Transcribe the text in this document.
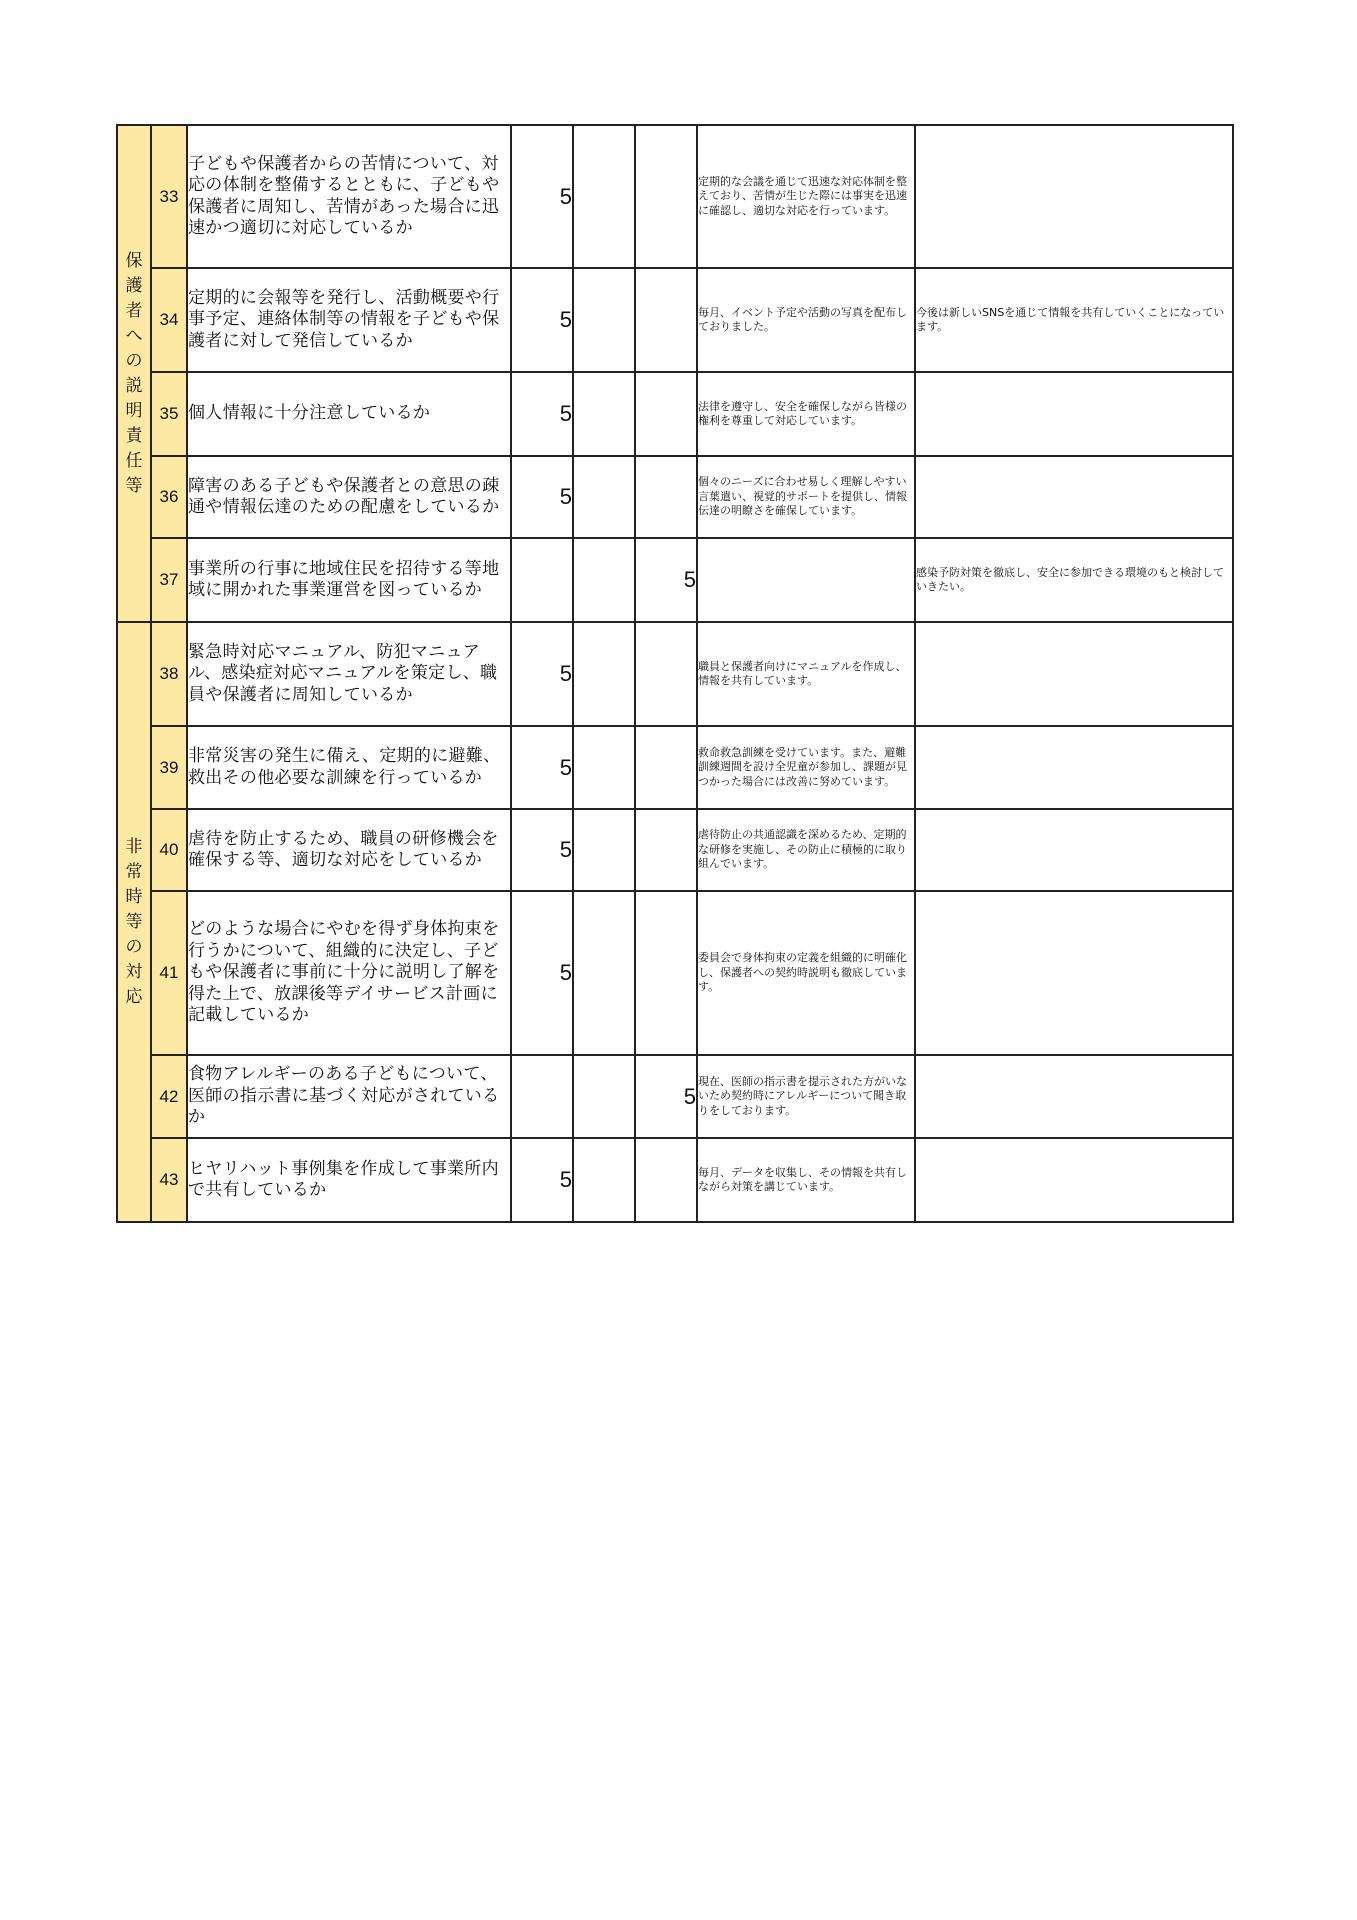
保護者への説明責任等	33	子どもや保護者からの苦情について、対応の体制を整備するとともに、子どもや保護者に周知し、苦情があった場合に迅速かつ適切に対応しているか	5			定期的な会議を通じて迅速な対応体制を整えており、苦情が生じた際には事実を迅速に確認し、適切な対応を行っています。	
	34	定期的に会報等を発行し、活動概要や行事予定、連絡体制等の情報を子どもや保護者に対して発信しているか	5			毎月、イベント予定や活動の写真を配布しておりました。	今後は新しいSNSを通じて情報を共有していくことになっています。
	35	個人情報に十分注意しているか	5			法律を遵守し、安全を確保しながら皆様の権利を尊重して対応しています。	
	36	障害のある子どもや保護者との意思の疎通や情報伝達のための配慮をしているか	5			個々のニーズに合わせ易しく理解しやすい言葉遣い、視覚的サポートを提供し、情報伝達の明瞭さを確保しています。	
	37	事業所の行事に地域住民を招待する等地域に開かれた事業運営を図っているか			5		感染予防対策を徹底し、安全に参加できる環境のもと検討していきたい。
非常時等の対応	38	緊急時対応マニュアル、防犯マニュアル、感染症対応マニュアルを策定し、職員や保護者に周知しているか	5			職員と保護者向けにマニュアルを作成し、情報を共有しています。	
	39	非常災害の発生に備え、定期的に避難、救出その他必要な訓練を行っているか	5			救命救急訓練を受けています。また、避難訓練週間を設け全児童が参加し、課題が見つかった場合には改善に努めています。	
	40	虐待を防止するため、職員の研修機会を確保する等、適切な対応をしているか	5			虐待防止の共通認識を深めるため、定期的な研修を実施し、その防止に積極的に取り組んでいます。	
	41	どのような場合にやむを得ず身体拘束を行うかについて、組織的に決定し、子どもや保護者に事前に十分に説明し了解を得た上で、放課後等デイサービス計画に記載しているか	5			委員会で身体拘束の定義を組織的に明確化し、保護者への契約時説明も徹底しています。	
	42	食物アレルギーのある子どもについて、医師の指示書に基づく対応がされているか			5	現在、医師の指示書を提示された方がいないため契約時にアレルギーについて聞き取りをしております。	
	43	ヒヤリハット事例集を作成して事業所内で共有しているか	5			毎月、データを収集し、その情報を共有しながら対策を講じています。	
